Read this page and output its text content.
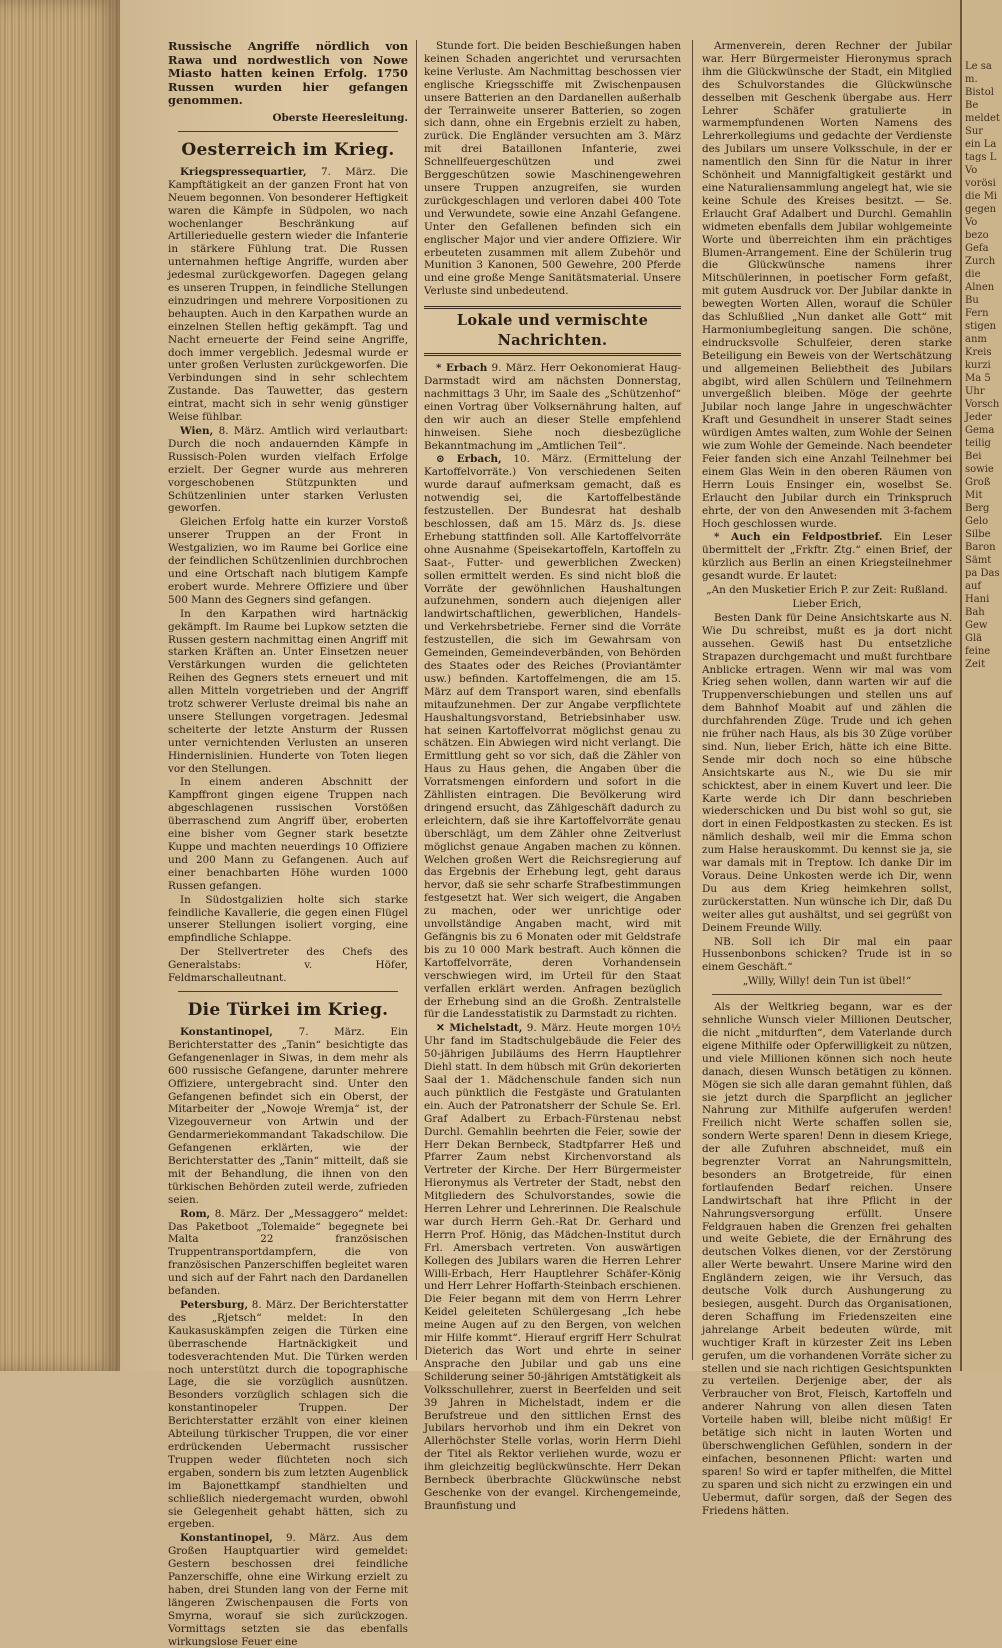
Russische Angriffe nördlich von Rawa und nordwestlich von Nowe Miasto hatten keinen Erfolg. 1750 Russen wurden hier gefangen genommen.

Oberste Heeresleitung.
Oesterreich im Krieg.

Kriegspressequartier, 7. März. Die Kampftätigkeit an der ganzen Front hat von Neuem begonnen. Von besonderer Heftigkeit waren die Kämpfe in Südpolen, wo nach wochenlanger Beschränkung auf Artillerieduelle gestern wieder die Infanterie in stärkere Fühlung trat. Die Russen unternahmen heftige Angriffe, wurden aber jedesmal zurückgeworfen. Dagegen gelang es unseren Truppen, in feindliche Stellungen einzudringen und mehrere Vorpositionen zu behaupten. Auch in den Karpathen wurde an einzelnen Stellen heftig gekämpft. Tag und Nacht erneuerte der Feind seine Angriffe, doch immer vergeblich. Jedesmal wurde er unter großen Verlusten zurückgeworfen. Die Verbindungen sind in sehr schlechtem Zustande. Das Tauwetter, das gestern eintrat, macht sich in sehr wenig günstiger Weise fühlbar.

Wien, 8. März. Amtlich wird verlautbart: Durch die noch andauernden Kämpfe in Russisch-Polen wurden vielfach Erfolge erzielt. Der Gegner wurde aus mehreren vorgeschobenen Stützpunkten und Schützenlinien unter starken Verlusten geworfen.

Gleichen Erfolg hatte ein kurzer Vorstoß unserer Truppen an der Front in Westgalizien, wo im Raume bei Gorlice eine der feindlichen Schützenlinien durchbrochen und eine Ortschaft nach blutigem Kampfe erobert wurde. Mehrere Offiziere und über 500 Mann des Gegners sind gefangen.

In den Karpathen wird hartnäckig gekämpft. Im Raume bei Lupkow setzten die Russen gestern nachmittag einen Angriff mit starken Kräften an. Unter Einsetzen neuer Verstärkungen wurden die gelichteten Reihen des Gegners stets erneuert und mit allen Mitteln vorgetrieben und der Angriff trotz schwerer Verluste dreimal bis nahe an unsere Stellungen vorgetragen. Jedesmal scheiterte der letzte Ansturm der Russen unter vernichtenden Verlusten an unseren Hindernislinien. Hunderte von Toten liegen vor den Stellungen.

In einem anderen Abschnitt der Kampffront gingen eigene Truppen nach abgeschlagenen russischen Vorstößen überraschend zum Angriff über, eroberten eine bisher vom Gegner stark besetzte Kuppe und machten neuerdings 10 Offiziere und 200 Mann zu Gefangenen. Auch auf einer benachbarten Höhe wurden 1000 Russen gefangen.

In Südostgalizien holte sich starke feindliche Kavallerie, die gegen einen Flügel unserer Stellungen isoliert vorging, eine empfindliche Schlappe.

Der Stellvertreter des Chefs des Generalstabs: v. Höfer, Feldmarschalleutnant.

Die Türkei im Krieg.

Konstantinopel, 7. März. Ein Berichterstatter des „Tanin“ besichtigte das Gefangenenlager in Siwas, in dem mehr als 600 russische Gefangene, darunter mehrere Offiziere, untergebracht sind. Unter den Gefangenen befindet sich ein Oberst, der Mitarbeiter der „Nowoje Wremja“ ist, der Vizegouverneur von Artwin und der Gendarmeriekommandant Takadschilow. Die Gefangenen erklärten, wie der Berichterstatter des „Tanin“ mitteilt, daß sie mit der Behandlung, die ihnen von den türkischen Behörden zuteil werde, zufrieden seien.

Rom, 8. März. Der „Messaggero“ meldet: Das Paketboot „Tolemaide“ begegnete bei Malta 22 französischen Truppentransportdampfern, die von französischen Panzerschiffen begleitet waren und sich auf der Fahrt nach den Dardanellen befanden.

Petersburg, 8. März. Der Berichterstatter des „Rjetsch“ meldet: In den Kaukasuskämpfen zeigen die Türken eine überraschende Hartnäckigkeit und todesverachtenden Mut. Die Türken werden noch unterstützt durch die topographische Lage, die sie vorzüglich ausnützen. Besonders vorzüglich schlagen sich die konstantinopeler Truppen. Der Berichterstatter erzählt von einer kleinen Abteilung türkischer Truppen, die vor einer erdrückenden Uebermacht russischer Truppen weder flüchteten noch sich ergaben, sondern bis zum letzten Augenblick im Bajonettkampf standhielten und schließlich niedergemacht wurden, obwohl sie Gelegenheit gehabt hätten, sich zu ergeben.

Konstantinopel, 9. März. Aus dem Großen Hauptquartier wird gemeldet: Gestern beschossen drei feindliche Panzerschiffe, ohne eine Wirkung erzielt zu haben, drei Stunden lang von der Ferne mit längeren Zwischenpausen die Forts von Smyrna, worauf sie sich zurückzogen. Vormittags setzten sie das ebenfalls wirkungslose Feuer eine

Stunde fort. Die beiden Beschießungen haben keinen Schaden angerichtet und verursachten keine Verluste. Am Nachmittag beschossen vier englische Kriegsschiffe mit Zwischenpausen unsere Batterien an den Dardanellen außerhalb der Terrainweite unserer Batterien, so zogen sich dann, ohne ein Ergebnis erzielt zu haben, zurück. Die Engländer versuchten am 3. März mit drei Bataillonen Infanterie, zwei Schnellfeuergeschützen und zwei Berggeschützen sowie Maschinengewehren unsere Truppen anzugreifen, sie wurden zurückgeschlagen und verloren dabei 400 Tote und Verwundete, sowie eine Anzahl Gefangene. Unter den Gefallenen befinden sich ein englischer Major und vier andere Offiziere. Wir erbeuteten zusammen mit allem Zubehör und Munition 3 Kanonen, 500 Gewehre, 200 Pferde und eine große Menge Sanitätsmaterial. Unsere Verluste sind unbedeutend.

Lokale und vermischte Nachrichten.

* Erbach 9. März. Herr Oekonomierat Haug-Darmstadt wird am nächsten Donnerstag, nachmittags 3 Uhr, im Saale des „Schützenhof“ einen Vortrag über Volksernährung halten, auf den wir auch an dieser Stelle empfehlend hinweisen. Siehe noch diesbezügliche Bekanntmachung im „Amtlichen Teil“.

⊙ Erbach, 10. März. (Ermittelung der Kartoffelvorräte.) Von verschiedenen Seiten wurde darauf aufmerksam gemacht, daß es notwendig sei, die Kartoffelbestände festzustellen. Der Bundesrat hat deshalb beschlossen, daß am 15. März ds. Js. diese Erhebung stattfinden soll. Alle Kartoffelvorräte ohne Ausnahme (Speisekartoffeln, Kartoffeln zu Saat-, Futter- und gewerblichen Zwecken) sollen ermittelt werden. Es sind nicht bloß die Vorräte der gewöhnlichen Haushaltungen aufzunehmen, sondern auch diejenigen aller landwirtschaftlichen, gewerblichen, Handels- und Verkehrsbetriebe. Ferner sind die Vorräte festzustellen, die sich im Gewahrsam von Gemeinden, Gemeindeverbänden, von Behörden des Staates oder des Reiches (Proviantämter usw.) befinden. Kartoffelmengen, die am 15. März auf dem Transport waren, sind ebenfalls mitaufzunehmen. Der zur Angabe verpflichtete Haushaltungsvorstand, Betriebsinhaber usw. hat seinen Kartoffelvorrat möglichst genau zu schätzen. Ein Abwiegen wird nicht verlangt. Die Ermittlung geht so vor sich, daß die Zähler von Haus zu Haus gehen, die Angaben über die Vorratsmengen einfordern und sofort in die Zähllisten eintragen. Die Bevölkerung wird dringend ersucht, das Zählgeschäft dadurch zu erleichtern, daß sie ihre Kartoffelvorräte genau überschlägt, um dem Zähler ohne Zeitverlust möglichst genaue Angaben machen zu können. Welchen großen Wert die Reichsregierung auf das Ergebnis der Erhebung legt, geht daraus hervor, daß sie sehr scharfe Strafbestimmungen festgesetzt hat. Wer sich weigert, die Angaben zu machen, oder wer unrichtige oder unvollständige Angaben macht, wird mit Gefängnis bis zu 6 Monaten oder mit Geldstrafe bis zu 10 000 Mark bestraft. Auch können die Kartoffelvorräte, deren Vorhandensein verschwiegen wird, im Urteil für den Staat verfallen erklärt werden. Anfragen bezüglich der Erhebung sind an die Großh. Zentralstelle für die Landesstatistik zu Darmstadt zu richten.

✕ Michelstadt, 9. März. Heute morgen 10½ Uhr fand im Stadtschulgebäude die Feier des 50-jährigen Jubiläums des Herrn Hauptlehrer Diehl statt. In dem hübsch mit Grün dekorierten Saal der 1. Mädchenschule fanden sich nun auch pünktlich die Festgäste und Gratulanten ein. Auch der Patronatsherr der Schule Se. Erl. Graf Adalbert zu Erbach-Fürstenau nebst Durchl. Gemahlin beehrten die Feier, sowie der Herr Dekan Bernbeck, Stadtpfarrer Heß und Pfarrer Zaum nebst Kirchenvorstand als Vertreter der Kirche. Der Herr Bürgermeister Hieronymus als Vertreter der Stadt, nebst den Mitgliedern des Schulvorstandes, sowie die Herren Lehrer und Lehrerinnen. Die Realschule war durch Herrn Geh.-Rat Dr. Gerhard und Herrn Prof. Hönig, das Mädchen-Institut durch Frl. Amersbach vertreten. Von auswärtigen Kollegen des Jubilars waren die Herren Lehrer Willi-Erbach, Herr Hauptlehrer Schäfer-König und Herr Lehrer Hoffarth-Steinbach erschienen. Die Feier begann mit dem von Herrn Lehrer Keidel geleiteten Schülergesang „Ich hebe meine Augen auf zu den Bergen, von welchen mir Hilfe kommt“. Hierauf ergriff Herr Schulrat Dieterich das Wort und ehrte in seiner Ansprache den Jubilar und gab uns eine Schilderung seiner 50-jährigen Amtstätigkeit als Volksschullehrer, zuerst in Beerfelden und seit 39 Jahren in Michelstadt, indem er die Berufstreue und den sittlichen Ernst des Jubilars hervorhob und ihm ein Dekret von Allerhöchster Stelle vorlas, worin Herrn Diehl der Titel als Rektor verliehen wurde, wozu er ihm gleichzeitig beglückwünschte. Herr Dekan Bernbeck überbrachte Glückwünsche nebst Geschenke von der evangel. Kirchengemeinde, Braunfistung und

Armenverein, deren Rechner der Jubilar war. Herr Bürgermeister Hieronymus sprach ihm die Glückwünsche der Stadt, ein Mitglied des Schulvorstandes die Glückwünsche desselben mit Geschenk übergabe aus. Herr Lehrer Schäfer gratulierte in warmempfundenen Worten Namens des Lehrerkollegiums und gedachte der Verdienste des Jubilars um unsere Volksschule, in der er namentlich den Sinn für die Natur in ihrer Schönheit und Mannigfaltigkeit gestärkt und eine Naturaliensammlung angelegt hat, wie sie keine Schule des Kreises besitzt. — Se. Erlaucht Graf Adalbert und Durchl. Gemahlin widmeten ebenfalls dem Jubilar wohlgemeinte Worte und überreichten ihm ein prächtiges Blumen-Arrangement. Eine der Schülerin trug die Glückwünsche namens ihrer Mitschülerinnen, in poetischer Form gefaßt, mit gutem Ausdruck vor. Der Jubilar dankte in bewegten Worten Allen, worauf die Schüler das Schlußlied „Nun danket alle Gott“ mit Harmoniumbegleitung sangen. Die schöne, eindrucksvolle Schulfeier, deren starke Beteiligung ein Beweis von der Wertschätzung und allgemeinen Beliebtheit des Jubilars abgibt, wird allen Schülern und Teilnehmern unvergeßlich bleiben. Möge der geehrte Jubilar noch lange Jahre in ungeschwächter Kraft und Gesundheit in unserer Stadt seines würdigen Amtes walten, zum Wohle der Seinen wie zum Wohle der Gemeinde. Nach beendeter Feier fanden sich eine Anzahl Teilnehmer bei einem Glas Wein in den oberen Räumen von Herrn Louis Ensinger ein, woselbst Se. Erlaucht den Jubilar durch ein Trinkspruch ehrte, der von den Anwesenden mit 3-fachem Hoch geschlossen wurde.

* Auch ein Feldpostbrief. Ein Leser übermittelt der „Frkftr. Ztg.“ einen Brief, der kürzlich aus Berlin an einen Kriegsteilnehmer gesandt wurde. Er lautet:

„An den Musketier Erich P. zur Zeit: Rußland.

Lieber Erich,

Besten Dank für Deine Ansichtskarte aus N. Wie Du schreibst, mußt es ja dort nicht aussehen. Gewiß hast Du entsetzliche Strapazen durchgemacht und mußt furchtbare Anblicke ertragen. Wenn wir mal was vom Krieg sehen wollen, dann warten wir auf die Truppenverschiebungen und stellen uns auf dem Bahnhof Moabit auf und zählen die durchfahrenden Züge. Trude und ich gehen nie früher nach Haus, als bis 30 Züge vorüber sind. Nun, lieber Erich, hätte ich eine Bitte. Sende mir doch noch so eine hübsche Ansichtskarte aus N., wie Du sie mir schicktest, aber in einem Kuvert und leer. Die Karte werde ich Dir dann beschrieben wiederschicken und Du bist wohl so gut, sie dort in einen Feldpostkasten zu stecken. Es ist nämlich deshalb, weil mir die Emma schon zum Halse herauskommt. Du kennst sie ja, sie war damals mit in Treptow. Ich danke Dir im Voraus. Deine Unkosten werde ich Dir, wenn Du aus dem Krieg heimkehren sollst, zurückerstatten. Nun wünsche ich Dir, daß Du weiter alles gut aushältst, und sei gegrüßt von Deinem Freunde Willy.

NB. Soll ich Dir mal ein paar Hussenbonbons schicken? Trude ist in so einem Geschäft.“

„Willy, Willy! dein Tun ist übel!“

Als der Weltkrieg begann, war es der sehnliche Wunsch vieler Millionen Deutscher, die nicht „mitdurften“, dem Vaterlande durch eigene Mithilfe oder Opferwilligkeit zu nützen, und viele Millionen können sich noch heute danach, diesen Wunsch betätigen zu können. Mögen sie sich alle daran gemahnt fühlen, daß sie jetzt durch die Sparpflicht an jeglicher Nahrung zur Mithilfe aufgerufen werden! Freilich nicht Werte schaffen sollen sie, sondern Werte sparen! Denn in diesem Kriege, der alle Zufuhren abschneidet, muß ein begrenzter Vorrat an Nahrungsmitteln, besonders an Brotgetreide, für einen fortlaufenden Bedarf reichen. Unsere Landwirtschaft hat ihre Pflicht in der Nahrungsversorgung erfüllt. Unsere Feldgrauen haben die Grenzen frei gehalten und weite Gebiete, die der Ernährung des deutschen Volkes dienen, vor der Zerstörung aller Werte bewahrt. Unsere Marine wird den Engländern zeigen, wie ihr Versuch, das deutsche Volk durch Aushungerung zu besiegen, ausgeht. Durch das Organisationen, deren Schaffung im Friedenszeiten eine jahrelange Arbeit bedeuten würde, mit wuchtiger Kraft in kürzester Zeit ins Leben gerufen, um die vorhandenen Vorräte sicher zu stellen und sie nach richtigen Gesichtspunkten zu verteilen. Derjenige aber, der als Verbraucher von Brot, Fleisch, Kartoffeln und anderer Nahrung von allen diesen Taten Vorteile haben will, bleibe nicht müßig! Er betätige sich nicht in lauten Worten und überschwenglichen Gefühlen, sondern in der einfachen, besonnenen Pflicht: warten und sparen! So wird er tapfer mithelfen, die Mittel zu sparen und sich nicht zu erzwingen ein und Uebermut, dafür sorgen, daß der Segen des Friedens hätten.

Le sa m. Bistol Be meldet Sur ein La tags L Vo vorösi die Mi gegen Vo bezo Gefa Zurch die Alnen Bu Fern stigen anm Kreis kurzi Ma 5 Uhr Vorsch Jeder Gema teilig Bei sowie Groß Mit Berg Gelo Silbe Baron Sämt pa Das auf Hani Bah Gew Glä feine Zeit
